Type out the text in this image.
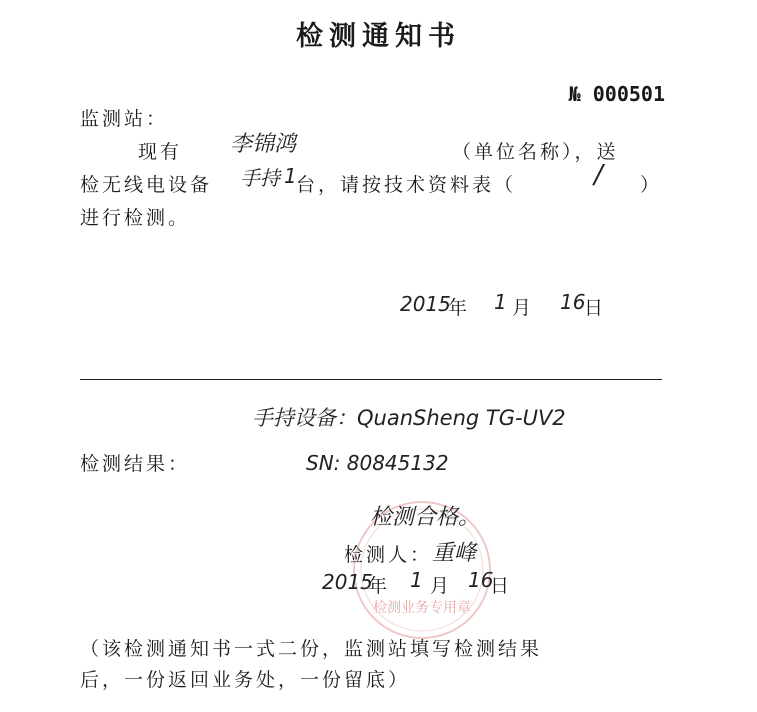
检测通知书
№ 000501
监测站：
现有 李锦鸿	（单位名称），送
检无线电设备 手持 1 台，请按技术资料表（	/ ）
进行检测。
2015
年 1 月 16
日
检测业务专用章
手持设备：QuanSheng TG-UV2
检测结果：	SN: 80845132
检测合格。
检测人： 重峰
2015
年 1 月 16
日
（该检测通知书一式二份，监测站填写检测结果
后，一份返回业务处，一份留底）
